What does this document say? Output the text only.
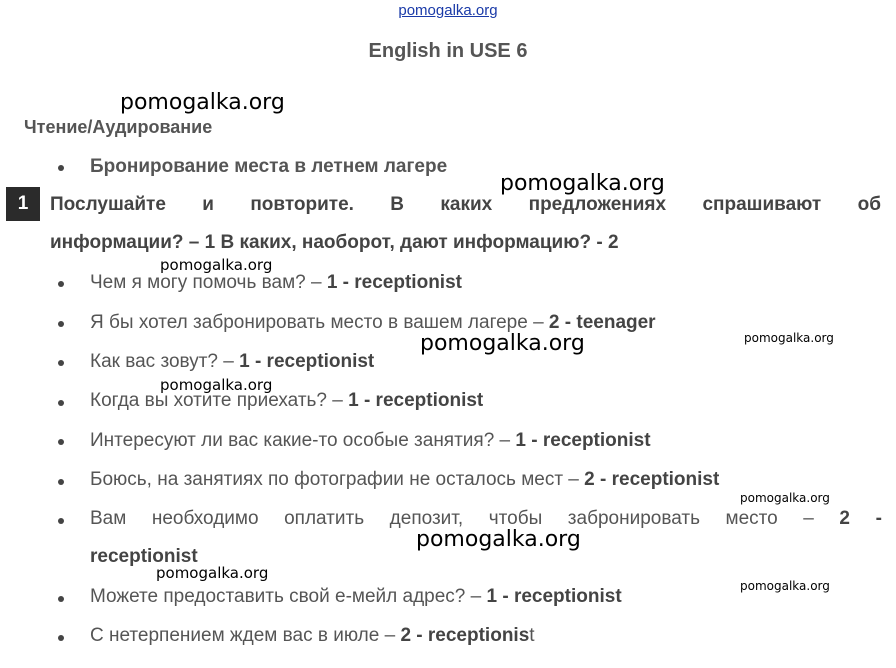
pomogalka.org
English in USE 6
pomogalka.org
Чтение/Аудирование
Бронирование места в летнем лагере
pomogalka.org
1 Послушайте и повторите. В каких предложениях спрашивают об
информации? – 1 В каких, наоборот, дают информацию? - 2
pomogalka.org
Чем я могу помочь вам? – 1 - receptionist
Я бы хотел забронировать место в вашем лагере – 2 - teenager
pomogalka.org
pomogalka.org
Как вас зовут? – 1 - receptionist
pomogalka.org
Когда вы хотите приехать? – 1 - receptionist
Интересуют ли вас какие-то особые занятия? – 1 - receptionist
Боюсь, на занятиях по фотографии не осталось мест – 2 - receptionist
pomogalka.org
Вам необходимо оплатить депозит, чтобы забронировать место – 2 -
receptionist
pomogalka.org
pomogalka.org
pomogalka.org
Можете предоставить свой е-мейл адрес? – 1 - receptionist
С нетерпением ждем вас в июле – 2 - receptionist
